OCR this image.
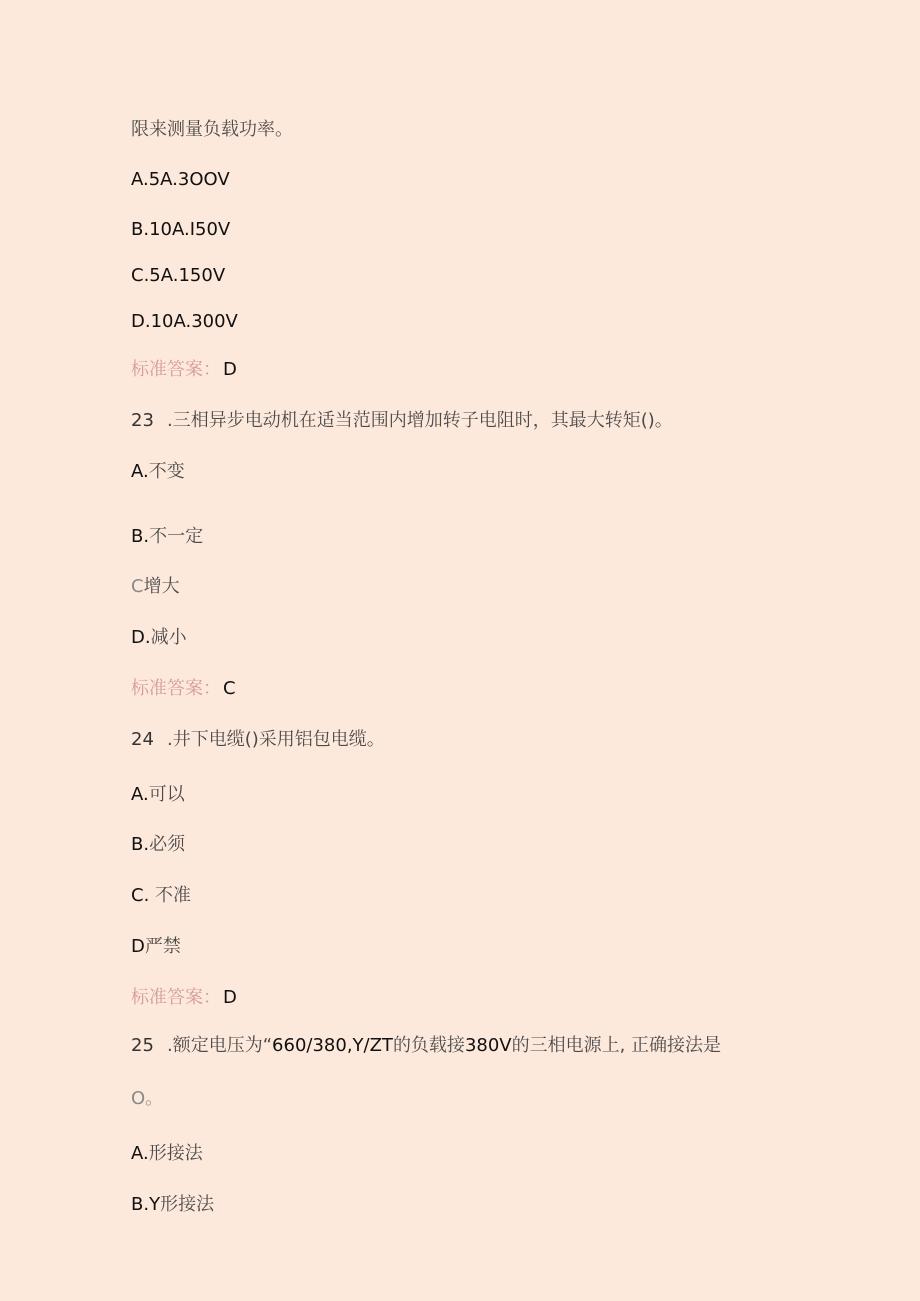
限来测量负载功率。

A.5A.3OOV

B.10A.I50V

C.5A.150V

D.10A.300V

标准答案： D

23 .三相异步电动机在适当范围内增加转子电阻时，其最大转矩()。

A.不变

B.不一定

C增大

D.减小

标准答案： C

24 .井下电缆()采用铝包电缆。

A.可以

B.必须

C. 不准

D严禁

标准答案： D

25 .额定电压为“660/380,Y/ZT的负载接380V的三相电源上, 正确接法是

O。

A.形接法

B.Y形接法
